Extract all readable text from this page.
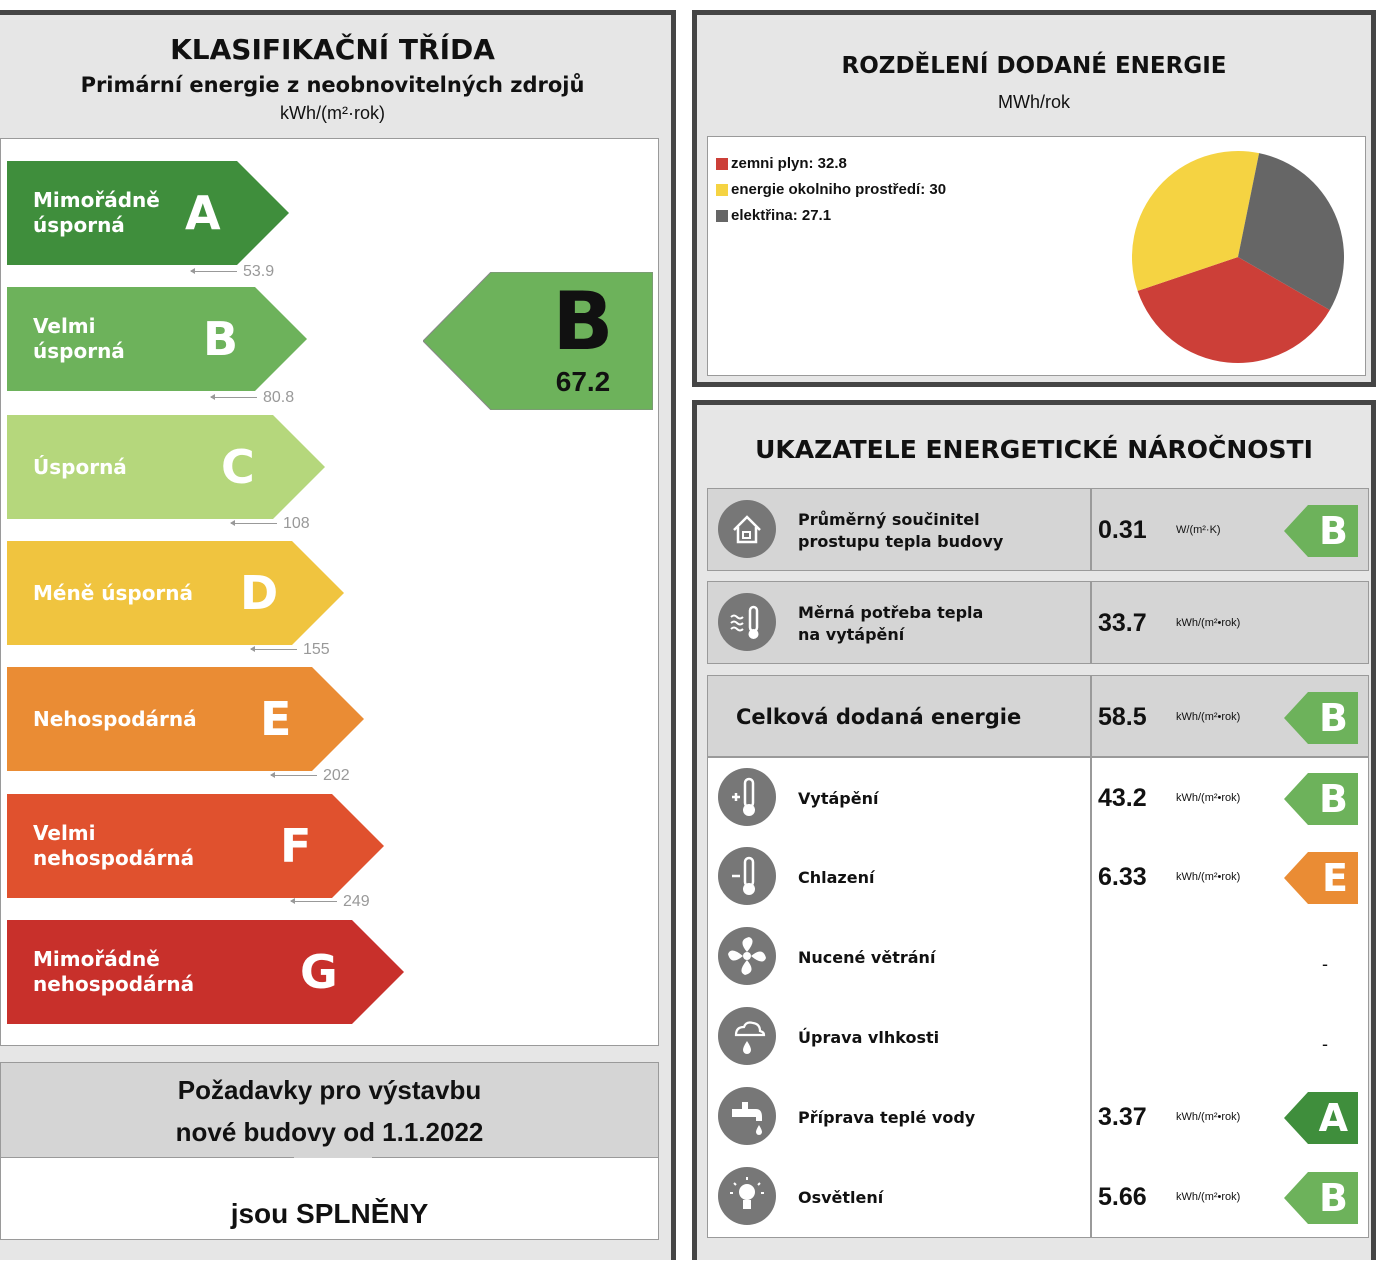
KLASIFIKAČNÍ TŘÍDA
Primární energie z neobnovitelných zdrojů
kWh/(m²·rok)
Mimořádně
úsporná	A
Velmi
úsporná B
Úsporná C
Méně úsporná D
Nehospodárná E
Velmi
nehospodárná F
Mimořádně
nehospodárná G
53.9
80.8
108
155
202
249
B
67.2
Požadavky pro výstavbu
nové budovy od 1.1.2022
jsou SPLNĚNY
ROZDĚLENÍ DODANÉ ENERGIE
MWh/rok
zemni plyn: 32.8
energie okolniho prostředí: 30
elektřina: 27.1
UKAZATELE ENERGETICKÉ NÁROČNOSTI
Průměrný součinitel
prostupu tepla budovy	0.31	W/(m²·K)	B
Měrná potřeba tepla
na vytápění	33.7	kWh/(m²•rok)
Celková dodaná energie	58.5	kWh/(m²•rok) B
Vytápění	43.2	kWh/(m²•rok) B
Chlazení	6.33	kWh/(m²•rok) E
Nucené větrání	-
Úprava vlhkosti	-
Příprava teplé vody	3.37	kWh/(m²•rok) A
Osvětlení	5.66	kWh/(m²•rok) B
